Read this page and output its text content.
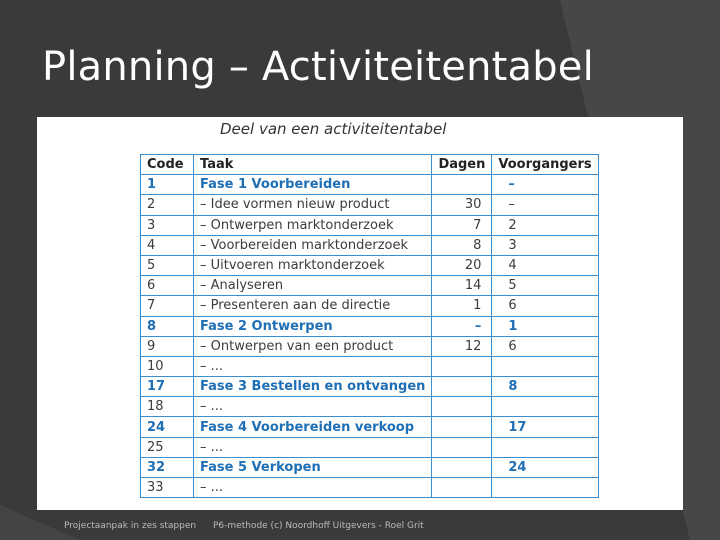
Planning – Activiteitentabel
Deel van een activiteitentabel
Code	Taak	Dagen	Voorgangers
1	Fase 1 Voorbereiden		–
2	– Idee vormen nieuw product	30	–
3	– Ontwerpen marktonderzoek	7	2
4	– Voorbereiden marktonderzoek	8	3
5	– Uitvoeren marktonderzoek	20	4
6	– Analyseren	14	5
7	– Presenteren aan de directie	1	6
8	Fase 2 Ontwerpen	–	1
9	– Ontwerpen van een product	12	6
10	– ...		
17	Fase 3 Bestellen en ontvangen		8
18	– ...		
24	Fase 4 Voorbereiden verkoop		17
25	– ...		
32	Fase 5 Verkopen		24
33	– ...		
Projectaanpak in zes stappen P6-methode (c) Noordhoff Uitgevers - Roel Grit
